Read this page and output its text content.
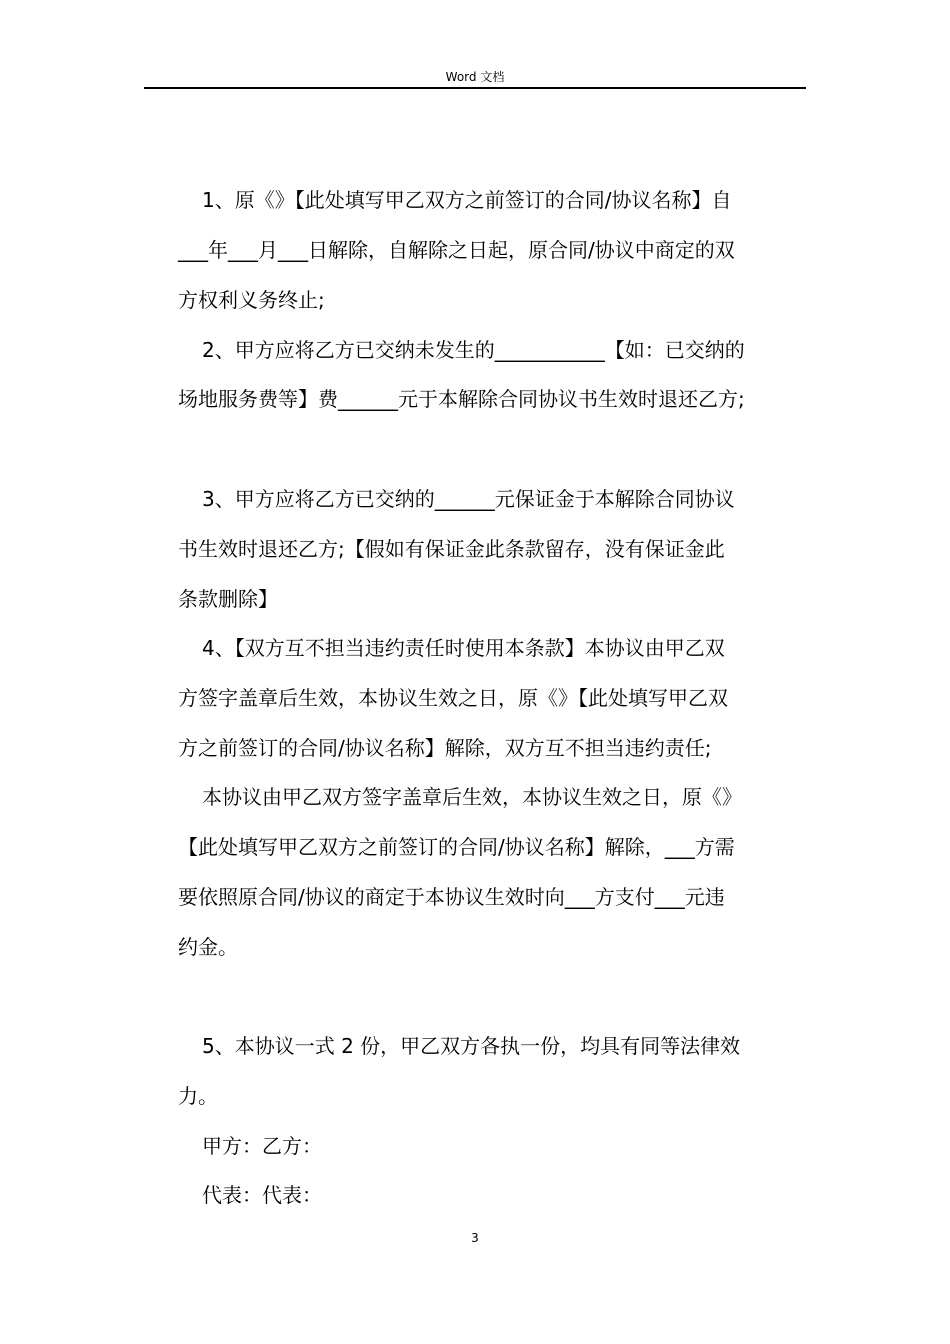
Word 文档
1、原《》【此处填写甲乙双方之前签订的合同/协议名称】自
___年___月___日解除，自解除之日起，原合同/协议中商定的双
方权利义务终止;
2、甲方应将乙方已交纳未发生的___________【如：已交纳的
场地服务费等】费______元于本解除合同协议书生效时退还乙方;
3、甲方应将乙方已交纳的______元保证金于本解除合同协议
书生效时退还乙方;【假如有保证金此条款留存，没有保证金此
条款删除】
4、【双方互不担当违约责任时使用本条款】本协议由甲乙双
方签字盖章后生效，本协议生效之日，原《》【此处填写甲乙双
方之前签订的合同/协议名称】解除，双方互不担当违约责任;
本协议由甲乙双方签字盖章后生效，本协议生效之日，原《》
【此处填写甲乙双方之前签订的合同/协议名称】解除，___方需
要依照原合同/协议的商定于本协议生效时向___方支付___元违
约金。
5、本协议一式 2 份，甲乙双方各执一份，均具有同等法律效
力。
甲方：乙方：
代表：代表：
3
